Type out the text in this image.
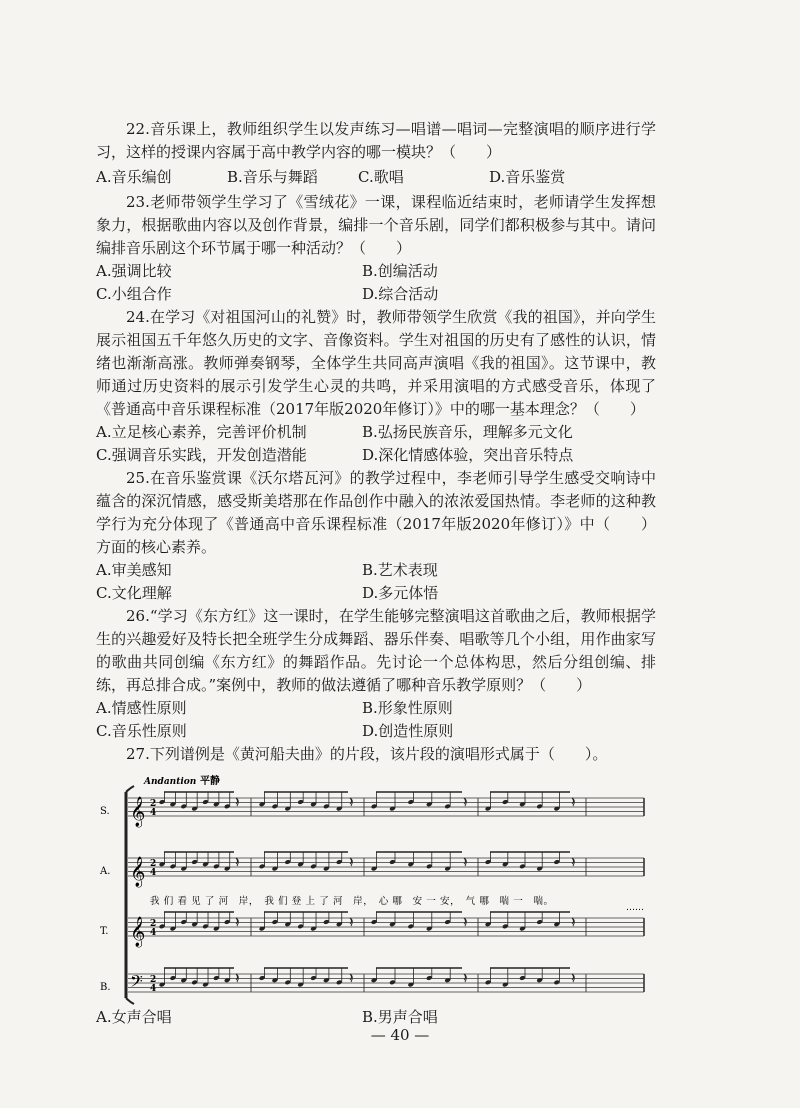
22.音乐课上，教师组织学生以发声练习—唱谱—唱词—完整演唱的顺序进行学习，这样的授课内容属于高中教学内容的哪一模块？（　　）

A.音乐编创	B.音乐与舞蹈	C.歌唱	D.音乐鉴赏

23.老师带领学生学习了《雪绒花》一课，课程临近结束时，老师请学生发挥想象力，根据歌曲内容以及创作背景，编排一个音乐剧，同学们都积极参与其中。请问编排音乐剧这个环节属于哪一种活动？（　　）

A.强调比较	B.创编活动
C.小组合作	D.综合活动

24.在学习《对祖国河山的礼赞》时，教师带领学生欣赏《我的祖国》，并向学生展示祖国五千年悠久历史的文字、音像资料。学生对祖国的历史有了感性的认识，情绪也渐渐高涨。教师弹奏钢琴，全体学生共同高声演唱《我的祖国》。这节课中，教师通过历史资料的展示引发学生心灵的共鸣，并采用演唱的方式感受音乐，体现了《普通高中音乐课程标准（2017年版2020年修订）》中的哪一基本理念？（　　）

A.立足核心素养，完善评价机制	B.弘扬民族音乐，理解多元文化
C.强调音乐实践，开发创造潜能	D.深化情感体验，突出音乐特点

25.在音乐鉴赏课《沃尔塔瓦河》的教学过程中，李老师引导学生感受交响诗中蕴含的深沉情感，感受斯美塔那在作品创作中融入的浓浓爱国热情。李老师的这种教学行为充分体现了《普通高中音乐课程标准（2017年版2020年修订）》中（　　）方面的核心素养。

A.审美感知	B.艺术表现
C.文化理解	D.多元体悟

26.“学习《东方红》这一课时，在学生能够完整演唱这首歌曲之后，教师根据学生的兴趣爱好及特长把全班学生分成舞蹈、器乐伴奏、唱歌等几个小组，用作曲家写的歌曲共同创编《东方红》的舞蹈作品。先讨论一个总体构思，然后分组创编、排练，再总排合成。”案例中，教师的做法遵循了哪种音乐教学原则？（　　）

A.情感性原则	B.形象性原则
C.音乐性原则	D.创造性原则

27.下列谱例是《黄河船夫曲》的片段，该片段的演唱形式属于（　　）。

Andantion 平静
S.
A.
T.
B.
𝄞 2
4
𝄞 2
4
𝄞 2
4
𝄢 2
4
我 们 看 见 了 河　岸，　我 们 登 上 了 河　岸，　心 哪　安 一 安，　气 哪　喘 一　喘。
……
A.女声合唱	B.男声合唱
— 40 —
